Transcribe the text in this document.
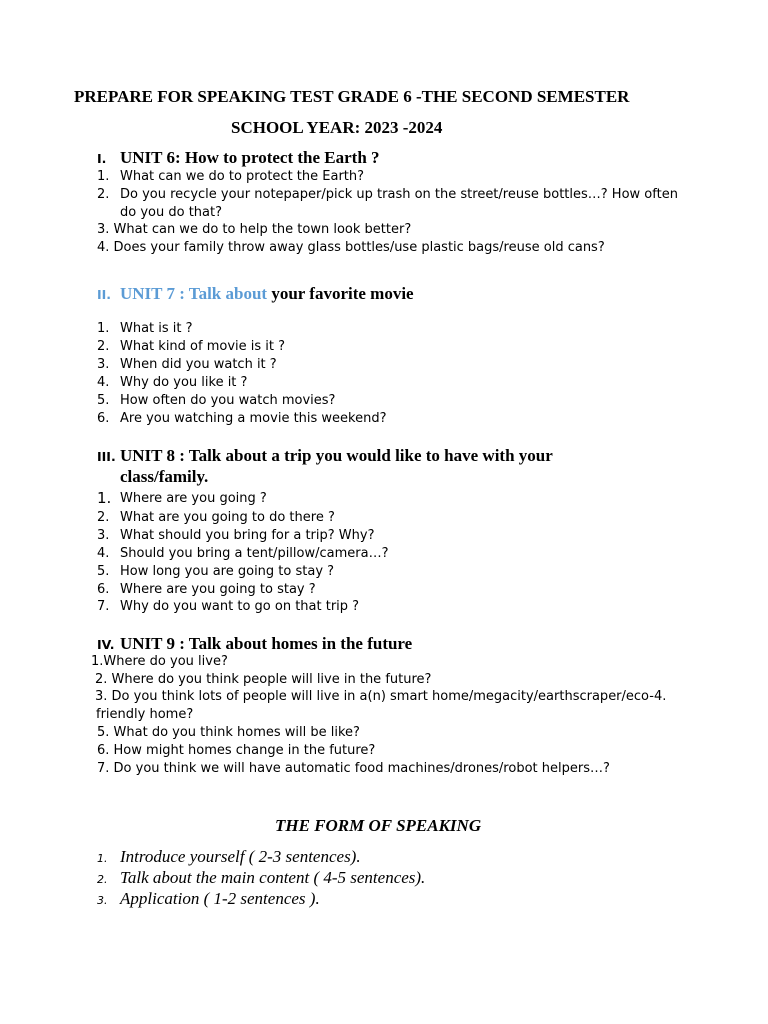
PREPARE FOR SPEAKING TEST GRADE 6 -THE SECOND SEMESTER
SCHOOL YEAR: 2023 -2024
I. UNIT 6: How to protect the Earth ?
1. What can we do to protect the Earth?
2. Do you recycle your notepaper/pick up trash on the street/reuse bottles…? How often
do you do that?
3. What can we do to help the town look better?
4. Does your family throw away glass bottles/use plastic bags/reuse old cans?
II. UNIT 7 : Talk about your favorite movie
1. What is it ?
2. What kind of movie is it ?
3. When did you watch it ?
4. Why do you like it ?
5. How often do you watch movies?
6. Are you watching a movie this weekend?
III. UNIT 8 : Talk about a trip you would like to have with your
class/family.
1. Where are you going ?
2. What are you going to do there ?
3. What should you bring for a trip? Why?
4. Should you bring a tent/pillow/camera…?
5. How long you are going to stay ?
6. Where are you going to stay ?
7. Why do you want to go on that trip ?
IV. UNIT 9 : Talk about homes in the future
1.Where do you live?
2. Where do you think people will live in the future?
3. Do you think lots of people will live in a(n) smart home/megacity/earthscraper/eco-4.
friendly home?
5. What do you think homes will be like?
6. How might homes change in the future?
7. Do you think we will have automatic food machines/drones/robot helpers…?
THE FORM OF SPEAKING
1. Introduce yourself ( 2-3 sentences).
2. Talk about the main content ( 4-5 sentences).
3. Application ( 1-2 sentences ).
